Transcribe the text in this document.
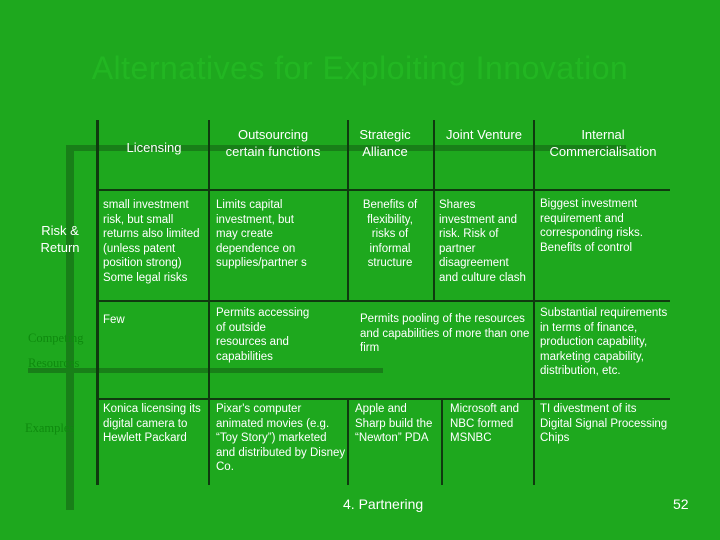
Alternatives for Exploiting Innovation
Licensing
Outsourcing certain functions
Strategic Alliance
Joint Venture	Internal Commercialisation
Risk & Return
Competing
Resources
Examples
small investment risk, but small returns also limited (unless patent position strong) Some legal risks
Limits capital investment, but may create dependence on supplies/partner s
Benefits of flexibility, risks of informal structure
Shares investment and risk. Risk of partner disagreement and culture clash
Biggest investment requirement and corresponding risks. Benefits of control
Few
Permits accessing of outside resources and capabilities
Permits pooling of the resources and capabilities of more than one firm
Substantial requirements in terms of finance, production capability, marketing capability, distribution, etc.
Konica licensing its digital camera to Hewlett Packard
Pixar's computer animated movies (e.g. “Toy Story”) marketed and distributed by Disney Co.
Apple and Sharp build the “Newton” PDA
Microsoft and NBC formed MSNBC
TI divestment of its Digital Signal Processing Chips
4. Partnering	52
